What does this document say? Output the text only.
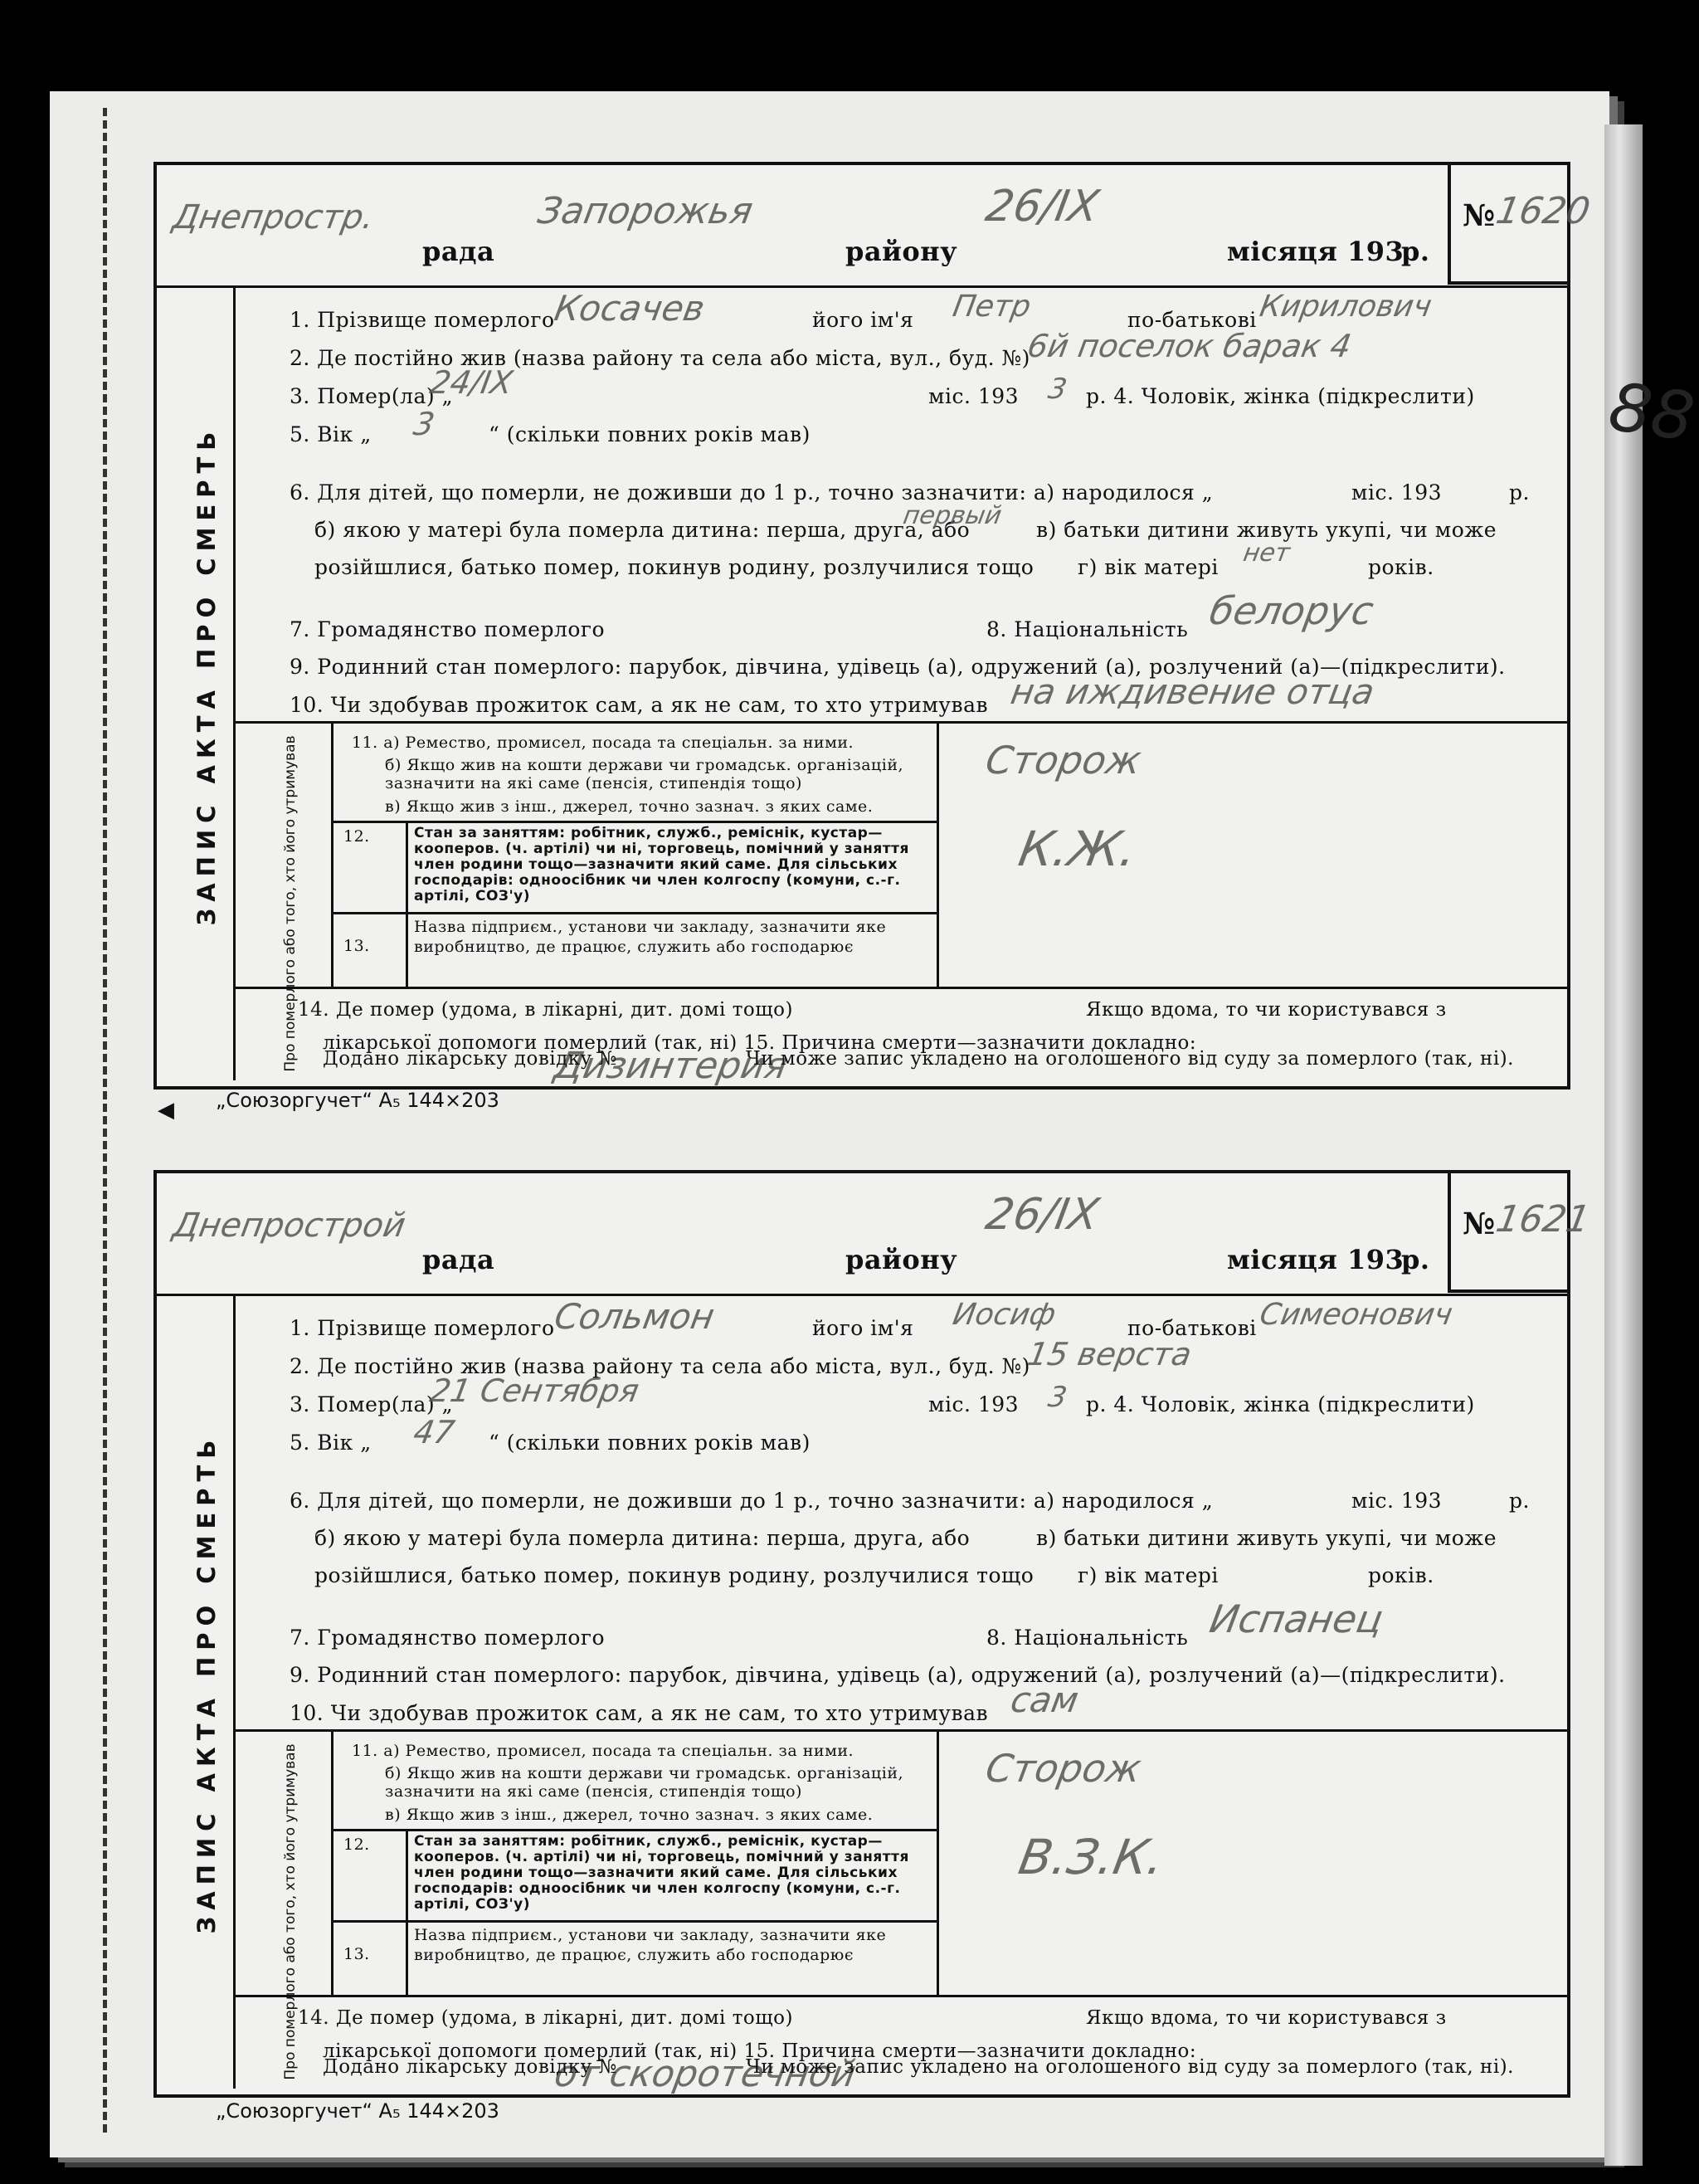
◀
88
рада	району	місяця 193
р.
Днепростр.	Запорожья	26/IX	№
1620
ЗАПИС АКТА ПРО СМЕРТЬ
1. Прізвище померлого	його ім'я	по-батькові
Косачев	Петр	Кирилович
2. Де постійно жив (назва району та села або міста, вул., буд. №)
6й поселок барак 4
3. Помер(ла) „	міс. 193	р. 4. Чоловік, жінка (підкреслити)
24/IX	3
5. Вік „	“ (скільки повних років мав)
3
6. Для дітей, що померли, не доживши до 1 р., точно зазначити: а) народилося „	міс. 193	р.
б) якою у матері була померла дитина: перша, друга, або	в) батьки дитини живуть укупі, чи може
первый
розійшлися, батько помер, покинув родину, розлучилися тощо г) вік матері	років.
нет
7. Громадянство померлого	8. Національність белорус
9. Родинний стан померлого: парубок, дівчина, удівець (а), одружений (а), розлучений (а)—(підкреслити).
10. Чи здобував прожиток сам, а як не сам, то хто утримував на иждивение отца
Про померлого або того, хто його утримував	11. а) Ремество, промисел, посада та спеціальн. за ними.
б) Якщо жив на кошти держави чи громадськ. організацій, зазначити на які саме (пенсія, стипендія тощо)
в) Якщо жив з інш., джерел, точно зазнач. з яких саме.
Сторож
12.	Стан за заняттям: робітник, служб., реміснік, кустар—кооперов. (ч. артілі) чи ні, торговець, помічний у заняття член родини тощо—зазначити який саме. Для сільських господарів: одноосібник чи член колгоспу (комуни, с.-г. артілі, СОЗ'у)
К.Ж.
13.
Назва підприєм., установи чи закладу, зазначити яке виробництво, де працює, служить або господарює
14. Де помер (удома, в лікарні, дит. домі тощо)	Якщо вдома, то чи користувався з
лікарської допомоги померлий (так, ні) 15. Причина смерти—зазначити докладно:
Дизинтерия
Додано лікарську довідку №	Чи може запис укладено на оголошеного від суду за померлого (так, ні).
„Союзоргучет“ А₅ 144×203
рада	району	місяця 193
р.
Днепрострой	26/IX	№
1621
ЗАПИС АКТА ПРО СМЕРТЬ
1. Прізвище померлого	його ім'я	по-батькові
Сольмон	Иосиф	Симеонович
2. Де постійно жив (назва району та села або міста, вул., буд. №)
15 верста
3. Помер(ла) „	міс. 193	р. 4. Чоловік, жінка (підкреслити)
21 Сентября	3
5. Вік „	“ (скільки повних років мав)
47
6. Для дітей, що померли, не доживши до 1 р., точно зазначити: а) народилося „	міс. 193	р.
б) якою у матері була померла дитина: перша, друга, або	в) батьки дитини живуть укупі, чи може
розійшлися, батько помер, покинув родину, розлучилися тощо г) вік матері	років.
7. Громадянство померлого	8. Національність Испанец
9. Родинний стан померлого: парубок, дівчина, удівець (а), одружений (а), розлучений (а)—(підкреслити).
10. Чи здобував прожиток сам, а як не сам, то хто утримував сам
Про померлого або того, хто його утримував	11. а) Ремество, промисел, посада та спеціальн. за ними.
б) Якщо жив на кошти держави чи громадськ. організацій, зазначити на які саме (пенсія, стипендія тощо)
в) Якщо жив з інш., джерел, точно зазнач. з яких саме.
Сторож
12.	Стан за заняттям: робітник, служб., реміснік, кустар—кооперов. (ч. артілі) чи ні, торговець, помічний у заняття член родини тощо—зазначити який саме. Для сільських господарів: одноосібник чи член колгоспу (комуни, с.-г. артілі, СОЗ'у)
В.З.К.
13.
Назва підприєм., установи чи закладу, зазначити яке виробництво, де працює, служить або господарює
14. Де помер (удома, в лікарні, дит. домі тощо)	Якщо вдома, то чи користувався з
лікарської допомоги померлий (так, ні) 15. Причина смерти—зазначити докладно:
от скоротечной
Додано лікарську довідку №	Чи може запис укладено на оголошеного від суду за померлого (так, ні).
„Союзоргучет“ А₅ 144×203
